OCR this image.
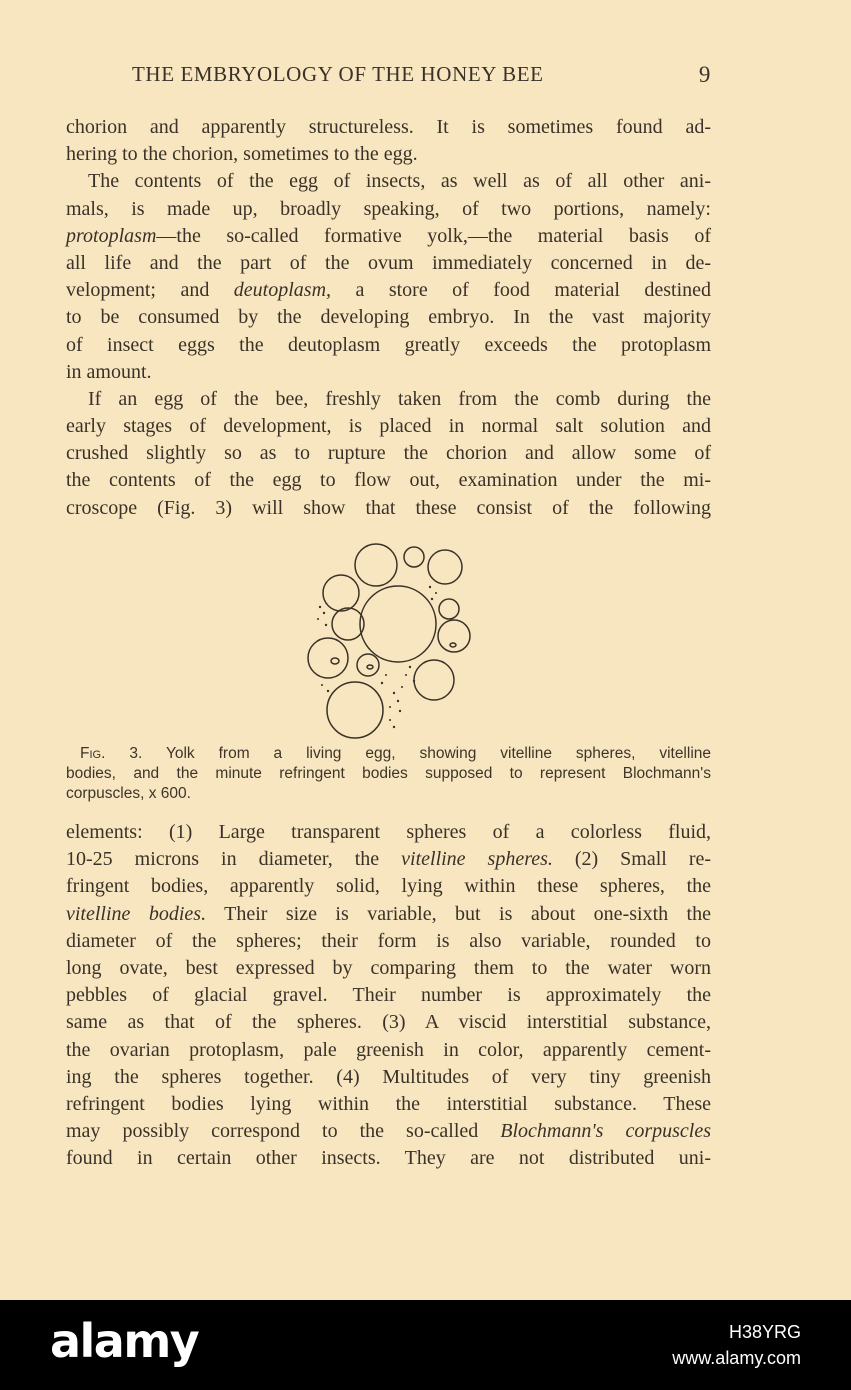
THE EMBRYOLOGY OF THE HONEY BEE	9
chorion and apparently structureless. It is sometimes found ad-
hering to the chorion, sometimes to the egg.
The contents of the egg of insects, as well as of all other ani-
mals, is made up, broadly speaking, of two portions, namely:
protoplasm—the so-called formative yolk,—the material basis of
all life and the part of the ovum immediately concerned in de-
velopment; and deutoplasm, a store of food material destined
to be consumed by the developing embryo. In the vast majority
of insect eggs the deutoplasm greatly exceeds the protoplasm
in amount.
If an egg of the bee, freshly taken from the comb during the
early stages of development, is placed in normal salt solution and
crushed slightly so as to rupture the chorion and allow some of
the contents of the egg to flow out, examination under the mi-
croscope (Fig. 3) will show that these consist of the following
Fig. 3. Yolk from a living egg, showing vitelline spheres, vitelline
bodies, and the minute refringent bodies supposed to represent Blochmann's
corpuscles, x 600.
elements: (1) Large transparent spheres of a colorless fluid,
10-25 microns in diameter, the vitelline spheres. (2) Small re-
fringent bodies, apparently solid, lying within these spheres, the
vitelline bodies. Their size is variable, but is about one-sixth the
diameter of the spheres; their form is also variable, rounded to
long ovate, best expressed by comparing them to the water worn
pebbles of glacial gravel. Their number is approximately the
same as that of the spheres. (3) A viscid interstitial substance,
the ovarian protoplasm, pale greenish in color, apparently cement-
ing the spheres together. (4) Multitudes of very tiny greenish
refringent bodies lying within the interstitial substance. These
may possibly correspond to the so-called Blochmann's corpuscles
found in certain other insects. They are not distributed uni-
alamy	H38YRG
www.alamy.com
